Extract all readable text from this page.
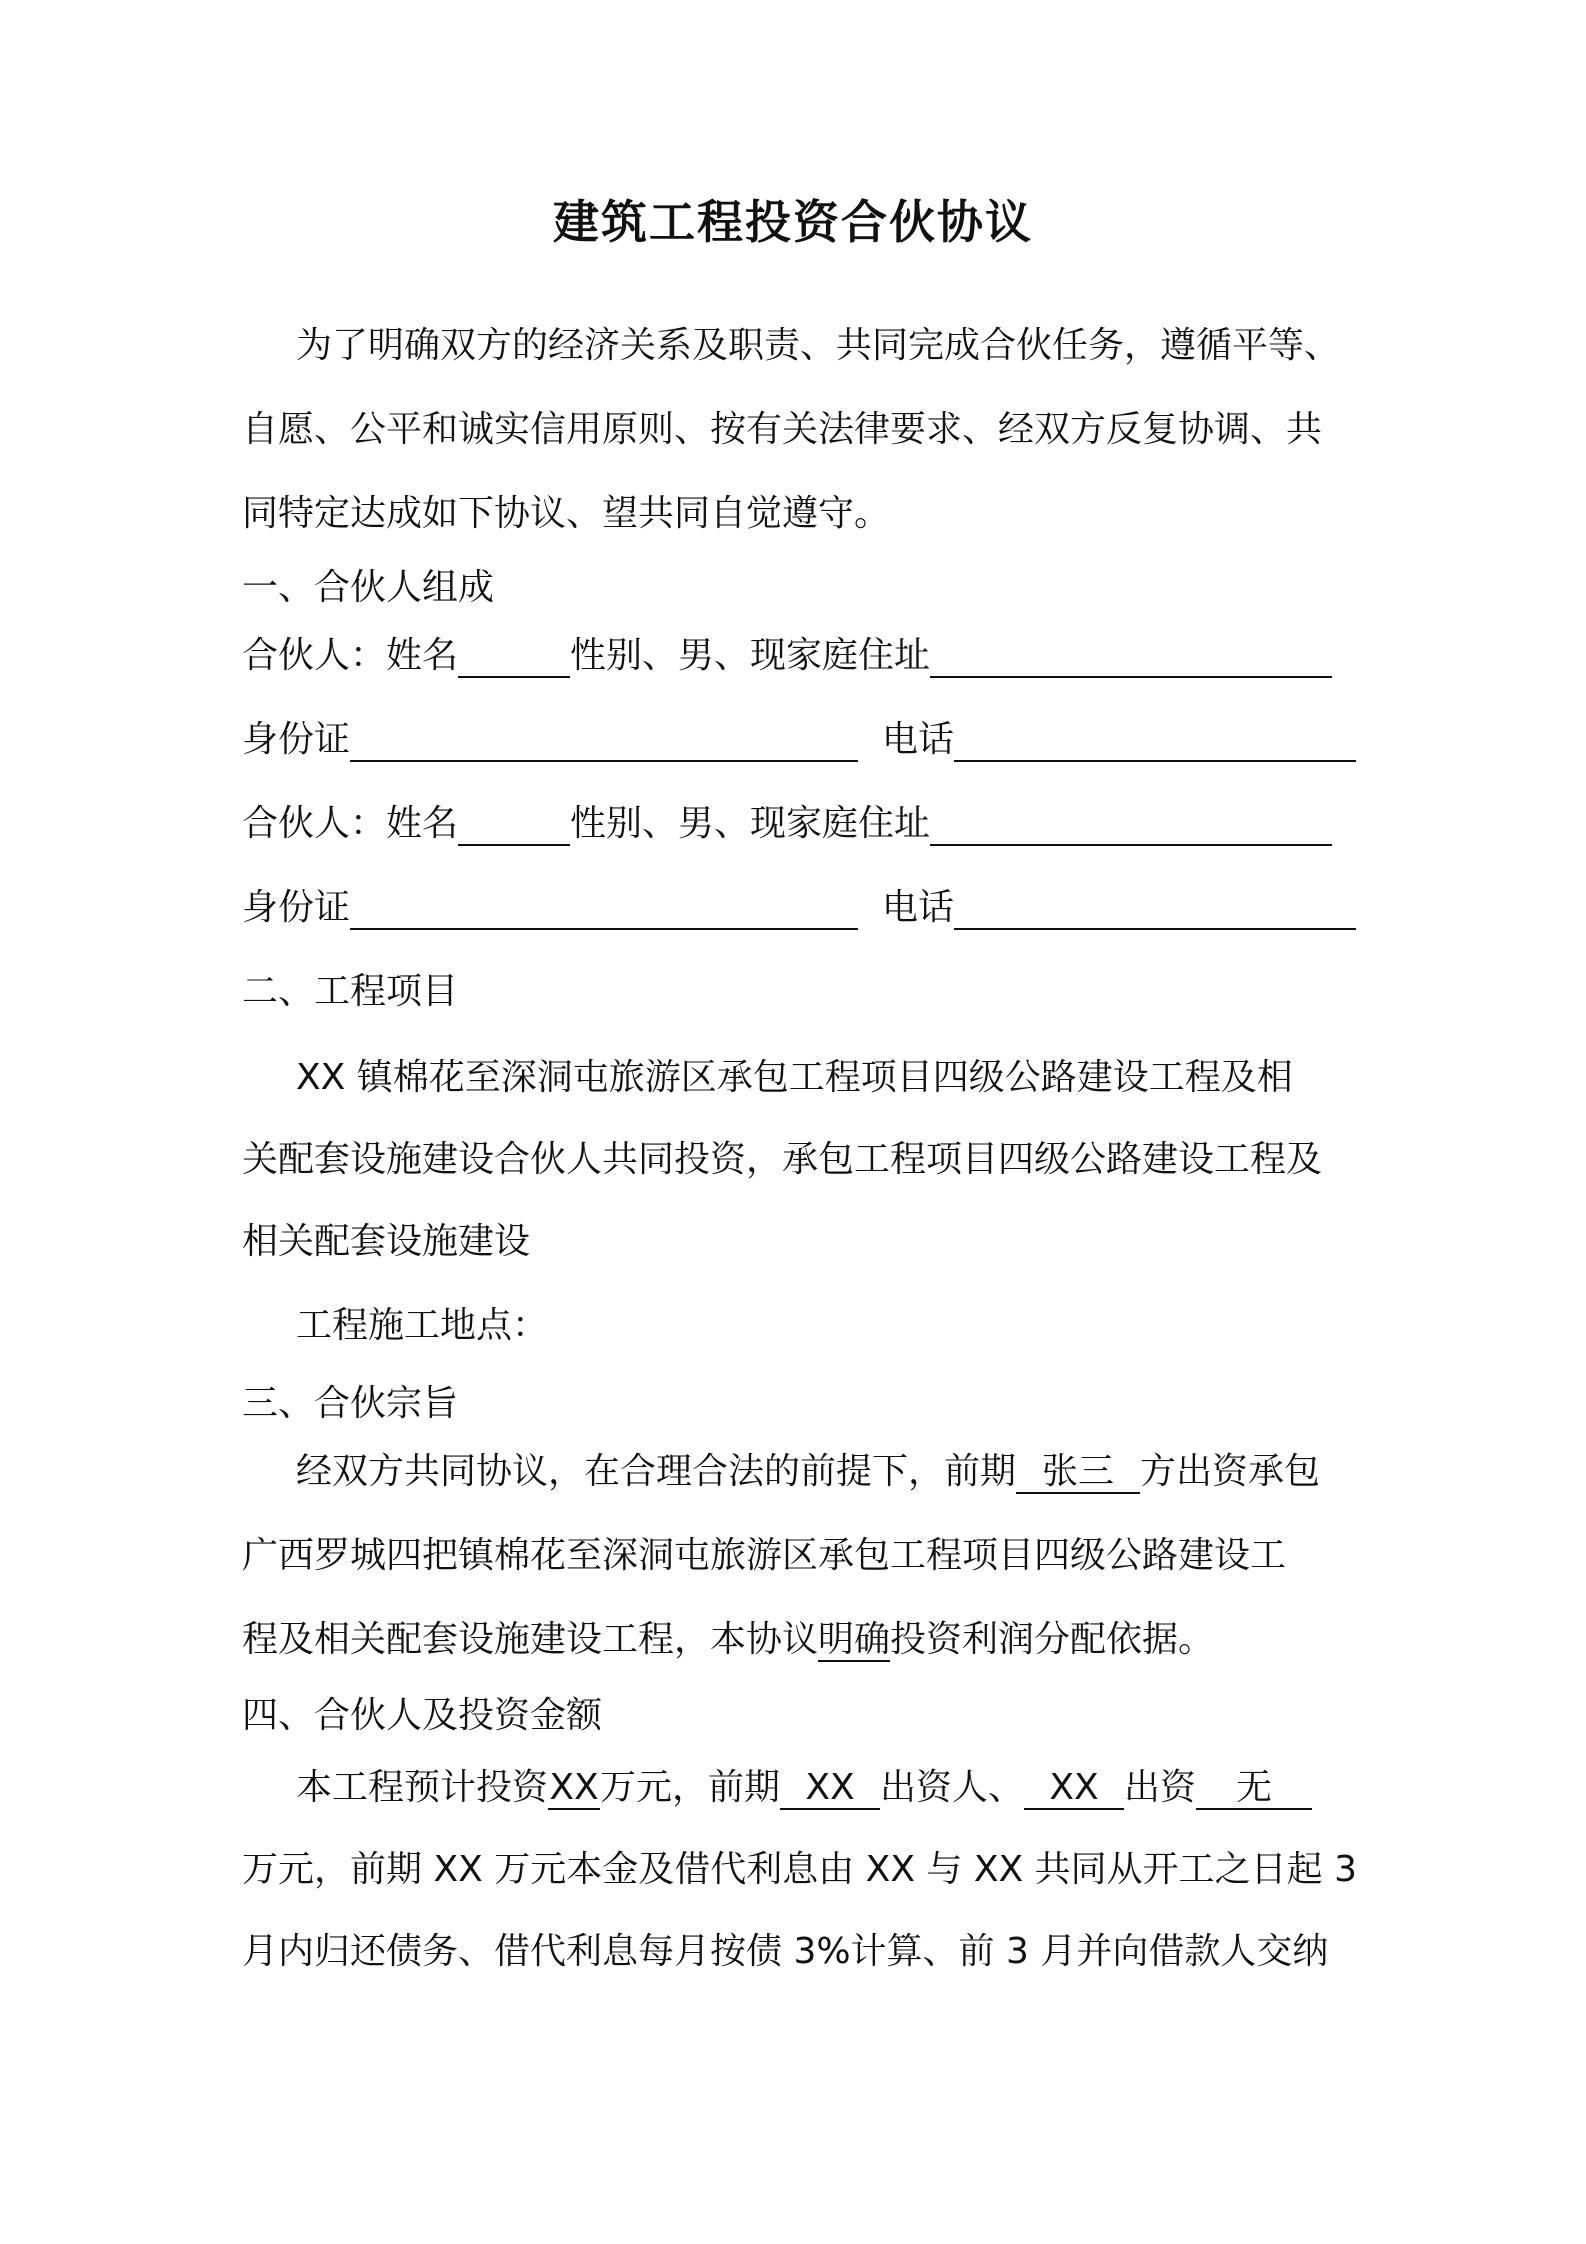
建筑工程投资合伙协议
为了明确双方的经济关系及职责、共同完成合伙任务，遵循平等、
自愿、公平和诚实信用原则、按有关法律要求、经双方反复协调、共
同特定达成如下协议、望共同自觉遵守。
一、合伙人组成
合伙人：姓名	性别、男、现家庭住址
身份证	电话
合伙人：姓名	性别、男、现家庭住址
身份证	电话
二、工程项目
XX 镇棉花至深洞屯旅游区承包工程项目四级公路建设工程及相
关配套设施建设合伙人共同投资，承包工程项目四级公路建设工程及
相关配套设施建设
工程施工地点：
三、合伙宗旨
经双方共同协议，在合理合法的前提下，前期 张三 方出资承包
广西罗城四把镇棉花至深洞屯旅游区承包工程项目四级公路建设工
程及相关配套设施建设工程，本协议明确投资利润分配依据。
四、合伙人及投资金额
本工程预计投资XX万元，前期 XX 出资人、 XX 出资 无
万元，前期 XX 万元本金及借代利息由 XX 与 XX 共同从开工之日起 3
月内归还债务、借代利息每月按债 3%计算、前 3 月并向借款人交纳
